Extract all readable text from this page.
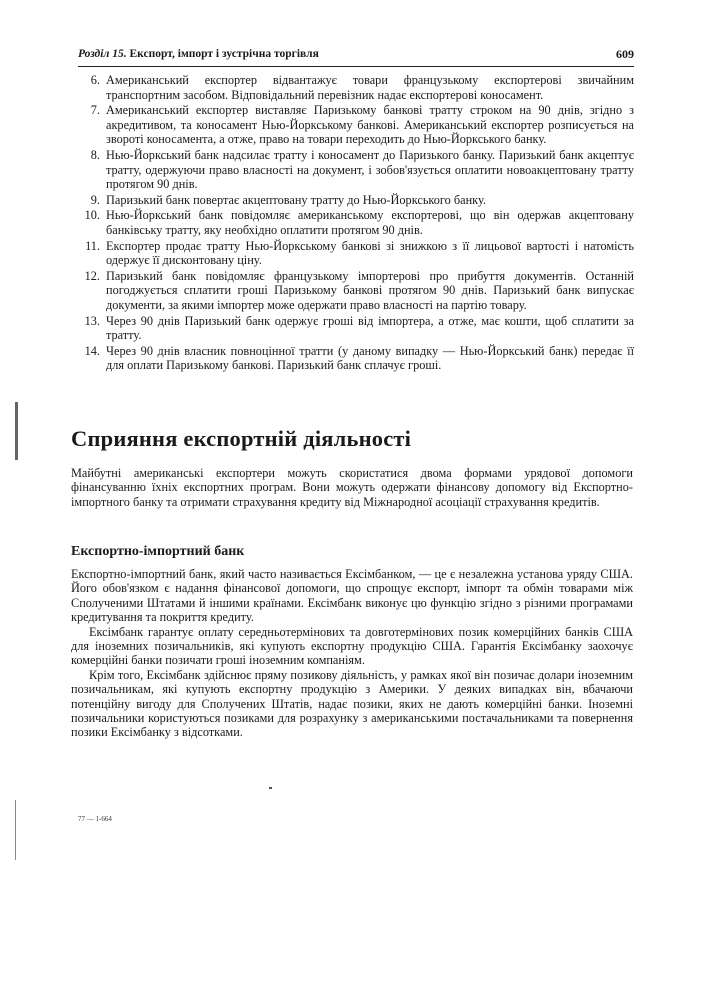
Розділ 15. Експорт, імпорт і зустрічна торгівля	609
6. Американський експортер відвантажує товари французькому експортерові звичайним транспортним засобом. Відповідальний перевізник надає експортерові коносамент.
7. Американський експортер виставляє Паризькому банкові тратту строком на 90 днів, згідно з акредитивом, та коносамент Нью-Йоркському банкові. Американський експортер розписується на звороті коносамента, а отже, право на товари переходить до Нью-Йоркського банку.
8. Нью-Йоркський банк надсилає тратту і коносамент до Паризького банку. Паризький банк акцептує тратту, одержуючи право власності на документ, і зобов'язується оплатити новоакцептовану тратту протягом 90 днів.
9. Паризький банк повертає акцептовану тратту до Нью-Йоркського банку.
10. Нью-Йоркський банк повідомляє американському експортерові, що він одержав акцептовану банківську тратту, яку необхідно оплатити протягом 90 днів.
11. Експортер продає тратту Нью-Йоркському банкові зі знижкою з її лицьової вартості і натомість одержує її дисконтовану ціну.
12. Паризький банк повідомляє французькому імпортерові про прибуття документів. Останній погоджується сплатити гроші Паризькому банкові протягом 90 днів. Паризький банк випускає документи, за якими імпортер може одержати право власності на партію товару.
13. Через 90 днів Паризький банк одержує гроші від імпортера, а отже, має кошти, щоб сплатити за тратту.
14. Через 90 днів власник повноцінної тратти (у даному випадку — Нью-Йоркський банк) передає її для оплати Паризькому банкові. Паризький банк сплачує гроші.
Сприяння експортній діяльності
Майбутні американські експортери можуть скористатися двома формами урядової допомоги фінансуванню їхніх експортних програм. Вони можуть одержати фінансову допомогу від Експортно-імпортного банку та отримати страхування кредиту від Міжнародної асоціації страхування кредитів.
Експортно-імпортний банк

Експортно-імпортний банк, який часто називається Ексімбанком, — це є незалежна установа уряду США. Його обов'язком є надання фінансової допомоги, що спрощує експорт, імпорт та обмін товарами між Сполученими Штатами й іншими країнами. Ексімбанк виконує цю функцію згідно з різними програмами кредитування та покриття кредиту.

Ексімбанк гарантує оплату середньотермінових та довготермінових позик комерційних банків США для іноземних позичальників, які купують експортну продукцію США. Гарантія Ексімбанку заохочує комерційні банки позичати гроші іноземним компаніям.

Крім того, Ексімбанк здійснює пряму позикову діяльність, у рамках якої він позичає долари іноземним позичальникам, які купують експортну продукцію з Америки. У деяких випадках він, вбачаючи потенційну вигоду для Сполучених Штатів, надає позики, яких не дають комерційні банки. Іноземні позичальники користуються позиками для розрахунку з американськими постачальниками та повернення позики Ексімбанку з відсотками.

77 — 1-664
